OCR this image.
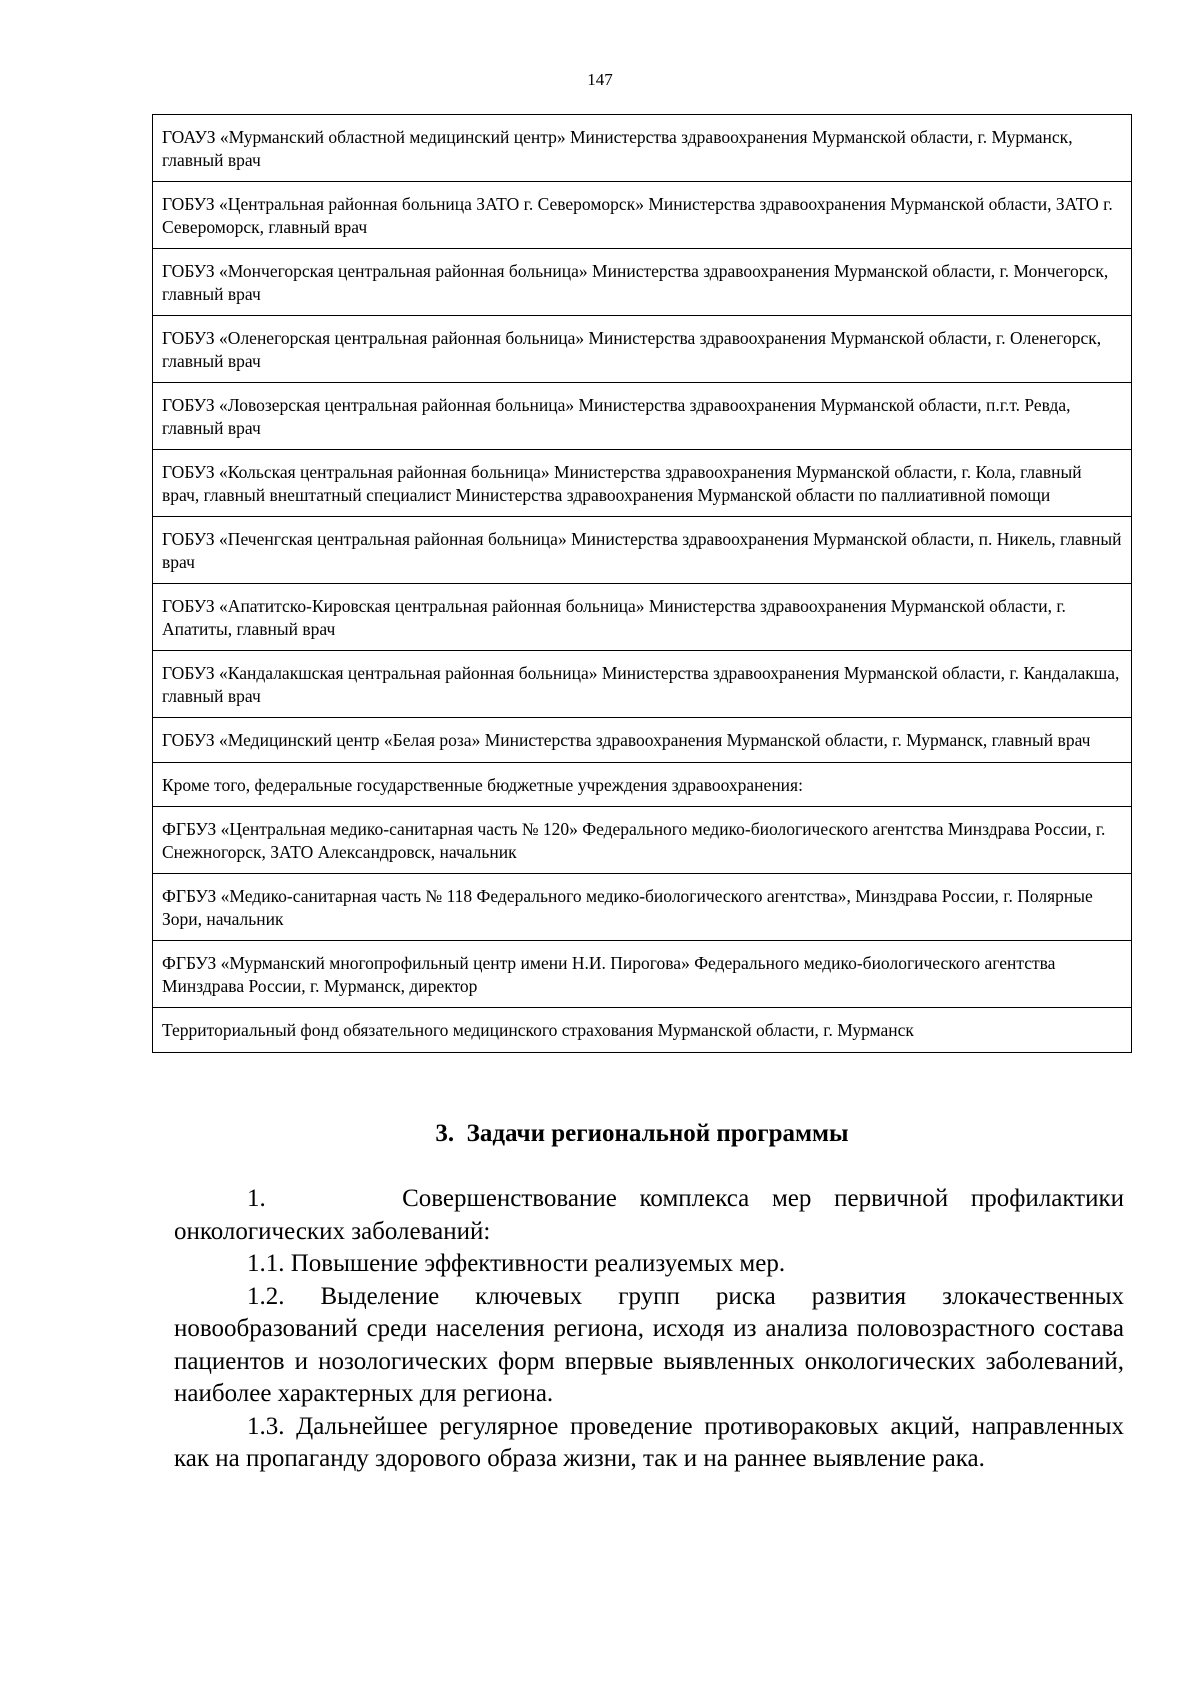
147
ГОАУЗ «Мурманский областной медицинский центр» Министерства здравоохранения Мурманской области, г. Мурманск, главный врач
ГОБУЗ «Центральная районная больница ЗАТО г. Североморск» Министерства здравоохранения Мурманской области, ЗАТО г. Североморск, главный врач
ГОБУЗ «Мончегорская центральная районная больница» Министерства здравоохранения Мурманской области, г. Мончегорск, главный врач
ГОБУЗ «Оленегорская центральная районная больница» Министерства здравоохранения Мурманской области, г. Оленегорск, главный врач
ГОБУЗ «Ловозерская центральная районная больница» Министерства здравоохранения Мурманской области, п.г.т. Ревда, главный врач
ГОБУЗ «Кольская центральная районная больница» Министерства здравоохранения Мурманской области, г. Кола, главный врач, главный внештатный специалист Министерства здравоохранения Мурманской области по паллиативной помощи
ГОБУЗ «Печенгская центральная районная больница» Министерства здравоохранения Мурманской области, п. Никель, главный врач
ГОБУЗ «Апатитско-Кировская центральная районная больница» Министерства здравоохранения Мурманской области, г. Апатиты, главный врач
ГОБУЗ «Кандалакшская центральная районная больница» Министерства здравоохранения Мурманской области, г. Кандалакша, главный врач
ГОБУЗ «Медицинский центр «Белая роза» Министерства здравоохранения Мурманской области, г. Мурманск, главный врач
Кроме того, федеральные государственные бюджетные учреждения здравоохранения:
ФГБУЗ «Центральная медико-санитарная часть № 120» Федерального медико-биологического агентства Минздрава России, г. Снежногорск, ЗАТО Александровск, начальник
ФГБУЗ «Медико-санитарная часть № 118 Федерального медико-биологического агентства», Минздрава России, г. Полярные Зори, начальник
ФГБУЗ «Мурманский многопрофильный центр имени Н.И. Пирогова» Федерального медико-биологического агентства Минздрава России, г. Мурманск, директор
Территориальный фонд обязательного медицинского страхования Мурманской области, г. Мурманск
3.  Задачи региональной программы

1.      Совершенствование комплекса мер первичной профилактики онкологических заболеваний:

1.1. Повышение эффективности реализуемых мер.

1.2. Выделение ключевых групп риска развития злокачественных новообразований среди населения региона, исходя из анализа половозрастного состава пациентов и нозологических форм впервые выявленных онкологических заболеваний, наиболее характерных для региона.

1.3. Дальнейшее регулярное проведение противораковых акций, направленных как на пропаганду здорового образа жизни, так и на раннее выявление рака.
